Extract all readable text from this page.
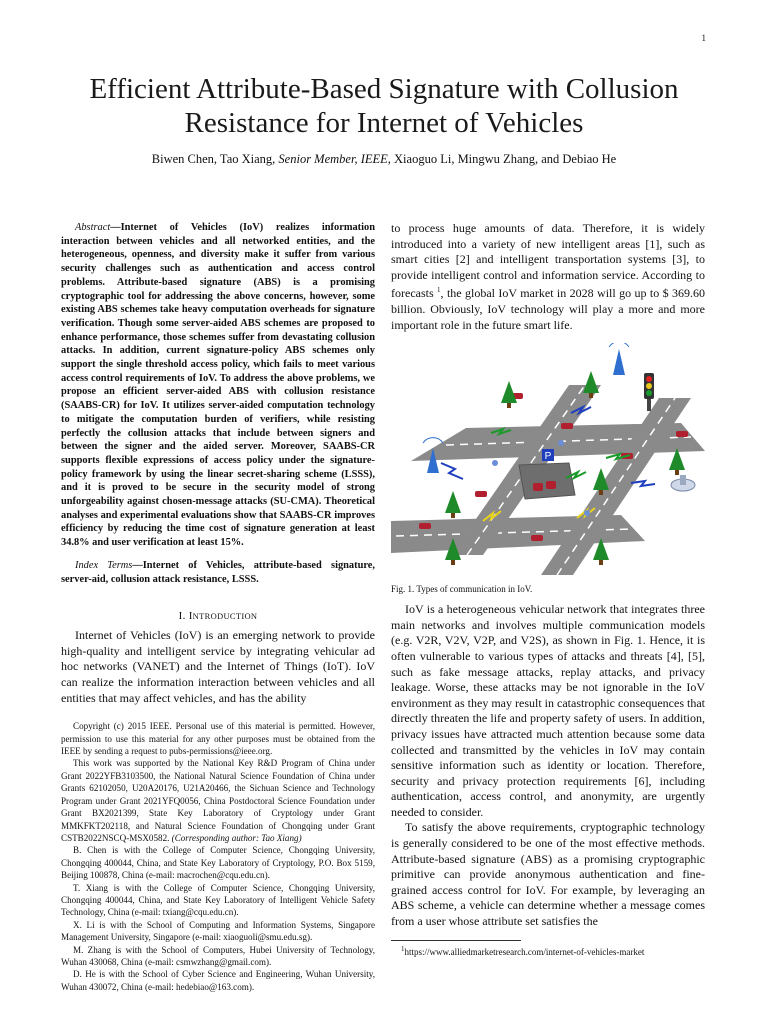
1
Efficient Attribute-Based Signature with Collusion
Resistance for Internet of Vehicles
Biwen Chen, Tao Xiang, Senior Member, IEEE, Xiaoguo Li, Mingwu Zhang, and Debiao He

Abstract—Internet of Vehicles (IoV) realizes information interaction between vehicles and all networked entities, and the heterogeneous, openness, and diversity make it suffer from various security challenges such as authentication and access control problems. Attribute-based signature (ABS) is a promising cryptographic tool for addressing the above concerns, however, some existing ABS schemes take heavy computation overheads for signature verification. Though some server-aided ABS schemes are proposed to enhance performance, those schemes suffer from devastating collusion attacks. In addition, current signature-policy ABS schemes only support the single threshold access policy, which fails to meet various access control requirements of IoV. To address the above problems, we propose an efficient server-aided ABS with collusion resistance (SAABS-CR) for IoV. It utilizes server-aided computation technology to mitigate the computation burden of verifiers, while resisting perfectly the collusion attacks that include between signers and between the signer and the aided server. Moreover, SAABS-CR supports flexible expressions of access policy under the signature-policy framework by using the linear secret-sharing scheme (LSSS), and it is proved to be secure in the security model of strong unforgeability against chosen-message attacks (SU-CMA). Theoretical analyses and experimental evaluations show that SAABS-CR improves efficiency by reducing the time cost of signature generation at least 34.8% and user verification at least 15%.

Index Terms—Internet of Vehicles, attribute-based signature, server-aid, collusion attack resistance, LSSS.

I. INTRODUCTION

Internet of Vehicles (IoV) is an emerging network to provide high-quality and intelligent service by integrating vehicular ad hoc networks (VANET) and the Internet of Things (IoT). IoV can realize the information interaction between vehicles and all entities that may affect vehicles, and has the ability

Copyright (c) 2015 IEEE. Personal use of this material is permitted. However, permission to use this material for any other purposes must be obtained from the IEEE by sending a request to pubs-permissions@ieee.org.

This work was supported by the National Key R&D Program of China under Grant 2022YFB3103500, the National Natural Science Foundation of China under Grants 62102050, U20A20176, U21A20466, the Sichuan Science and Technology Program under Grant 2021YFQ0056, China Postdoctoral Science Foundation under Grant BX2021399, State Key Laboratory of Cryptology under Grant MMKFKT202118, and Natural Science Foundation of Chongqing under Grant CSTB2022NSCQ-MSX0582. (Corresponding author: Tao Xiang)

B. Chen is with the College of Computer Science, Chongqing University, Chongqing 400044, China, and State Key Laboratory of Cryptology, P.O. Box 5159, Beijing 100878, China (e-mail: macrochen@cqu.edu.cn).

T. Xiang is with the College of Computer Science, Chongqing University, Chongqing 400044, China, and State Key Laboratory of Intelligent Vehicle Safety Technology, China (e-mail: txiang@cqu.edu.cn).

X. Li is with the School of Computing and Information Systems, Singapore Management University, Singapore (e-mail: xiaoguoli@smu.edu.sg).

M. Zhang is with the School of Computers, Hubei University of Technology, Wuhan 430068, China (e-mail: csmwzhang@gmail.com).

D. He is with the School of Cyber Science and Engineering, Wuhan University, Wuhan 430072, China (e-mail: hedebiao@163.com).

to process huge amounts of data. Therefore, it is widely introduced into a variety of new intelligent areas [1], such as smart cities [2] and intelligent transportation systems [3], to provide intelligent control and information service. According to forecasts $^1$, the global IoV market in 2028 will go up to $ 369.60 billion. Obviously, IoV technology will play a more and more important role in the future smart life.

P
Fig. 1. Types of communication in IoV.

IoV is a heterogeneous vehicular network that integrates three main networks and involves multiple communication models (e.g. V2R, V2V, V2P, and V2S), as shown in Fig. 1. Hence, it is often vulnerable to various types of attacks and threats [4], [5], such as fake message attacks, replay attacks, and privacy leakage. Worse, these attacks may be not ignorable in the IoV environment as they may result in catastrophic consequences that directly threaten the life and property safety of users. In addition, privacy issues have attracted much attention because some data collected and transmitted by the vehicles in IoV may contain sensitive information such as identity or location. Therefore, security and privacy protection requirements [6], including authentication, access control, and anonymity, are urgently needed to consider.

To satisfy the above requirements, cryptographic technology is generally considered to be one of the most effective methods. Attribute-based signature (ABS) as a promising cryptographic primitive can provide anonymous authentication and fine-grained access control for IoV. For example, by leveraging an ABS scheme, a vehicle can determine whether a message comes from a user whose attribute set satisfies the

$^1$https://www.alliedmarketresearch.com/internet-of-vehicles-market
